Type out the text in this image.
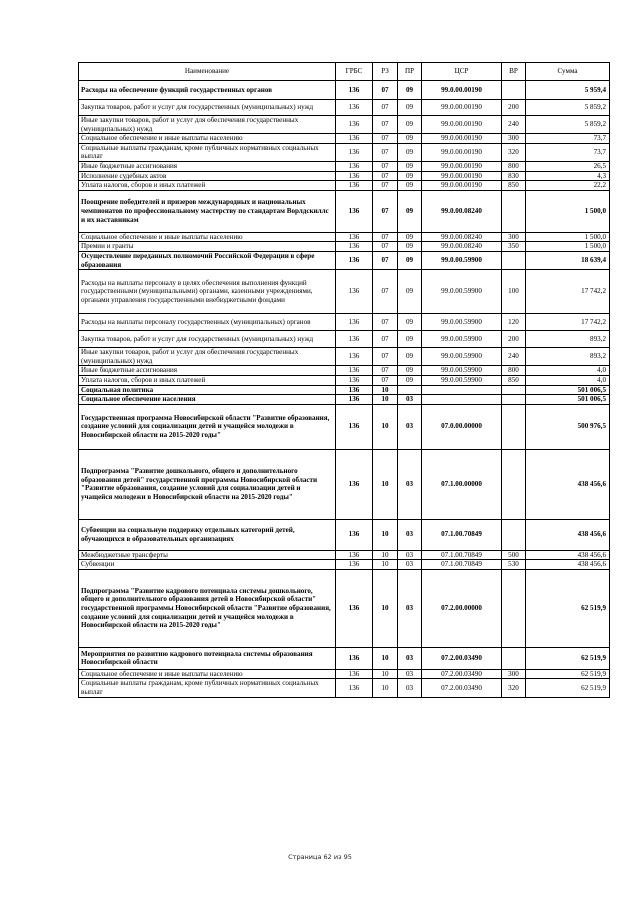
Наименование	ГРБС	РЗ	ПР	ЦСР	ВР	Сумма
Расходы на обеспечение функций государственных органов	136	07	09	99.0.00.00190		5 959,4
Закупка товаров, работ и услуг для государственных (муниципальных) нужд	136	07	09	99.0.00.00190	200	5 859,2
Иные закупки товаров, работ и услуг для обеспечения государственных (муниципальных) нужд	136	07	09	99.0.00.00190	240	5 859,2
Социальное обеспечение и иные выплаты населению	136	07	09	99.0.00.00190	300	73,7
Социальные выплаты гражданам, кроме публичных нормативных социальных выплат	136	07	09	99.0.00.00190	320	73,7
Иные бюджетные ассигнования	136	07	09	99.0.00.00190	800	26,5
Исполнение судебных актов	136	07	09	99.0.00.00190	830	4,3
Уплата налогов, сборов и иных платежей	136	07	09	99.0.00.00190	850	22,2
Поощрение победителей и призеров международных и национальных чемпионатов по профессиональному мастерству по стандартам Ворлдскиллс и их наставникам	136	07	09	99.0.00.08240		1 500,0
Социальное обеспечение и иные выплаты населению	136	07	09	99.0.00.08240	300	1 500,0
Премии и гранты	136	07	09	99.0.00.08240	350	1 500,0
Осуществление переданных полномочий Российской Федерации в сфере образования	136	07	09	99.0.00.59900		18 639,4
Расходы на выплаты персоналу в целях обеспечения выполнения функций государственными (муниципальными) органами, казенными учреждениями, органами управления государственными внебюджетными фондами	136	07	09	99.0.00.59900	100	17 742,2
Расходы на выплаты персоналу государственных (муниципальных) органов	136	07	09	99.0.00.59900	120	17 742,2
Закупка товаров, работ и услуг для государственных (муниципальных) нужд	136	07	09	99.0.00.59900	200	893,2
Иные закупки товаров, работ и услуг для обеспечения государственных (муниципальных) нужд	136	07	09	99.0.00.59900	240	893,2
Иные бюджетные ассигнования	136	07	09	99.0.00.59900	800	4,0
Уплата налогов, сборов и иных платежей	136	07	09	99.0.00.59900	850	4,0
Социальная политика	136	10				501 006,5
Социальное обеспечение населения	136	10	03			501 006,5
Государственная программа Новосибирской области "Развитие образования, создание условий для социализации детей и учащейся молодежи в Новосибирской области на 2015-2020 годы"	136	10	03	07.0.00.00000		500 976,5
Подпрограмма "Развитие дошкольного, общего и дополнительного образования детей" государственной программы Новосибирской области "Развитие образования, создание условий для социализации детей и учащейся молодежи в Новосибирской области на 2015-2020 годы"	136	10	03	07.1.00.00000		438 456,6
Субвенции на социальную поддержку отдельных категорий детей, обучающихся в образовательных организациях	136	10	03	07.1.00.70849		438 456,6
Межбюджетные трансферты	136	10	03	07.1.00.70849	500	438 456,6
Субвенции	136	10	03	07.1.00.70849	530	438 456,6
Подпрограмма "Развитие кадрового потенциала системы дошкольного, общего и дополнительного образования детей в Новосибирской области" государственной программы Новосибирской области "Развитие образования, создание условий для социализации детей и учащейся молодежи в Новосибирской области на 2015-2020 годы"	136	10	03	07.2.00.00000		62 519,9
Мероприятия по развитию кадрового потенциала системы образования Новосибирской области	136	10	03	07.2.00.03490		62 519,9
Социальное обеспечение и иные выплаты населению	136	10	03	07.2.00.03490	300	62 519,9
Социальные выплаты гражданам, кроме публичных нормативных социальных выплат	136	10	03	07.2.00.03490	320	62 519,9
Страница 62 из 95
